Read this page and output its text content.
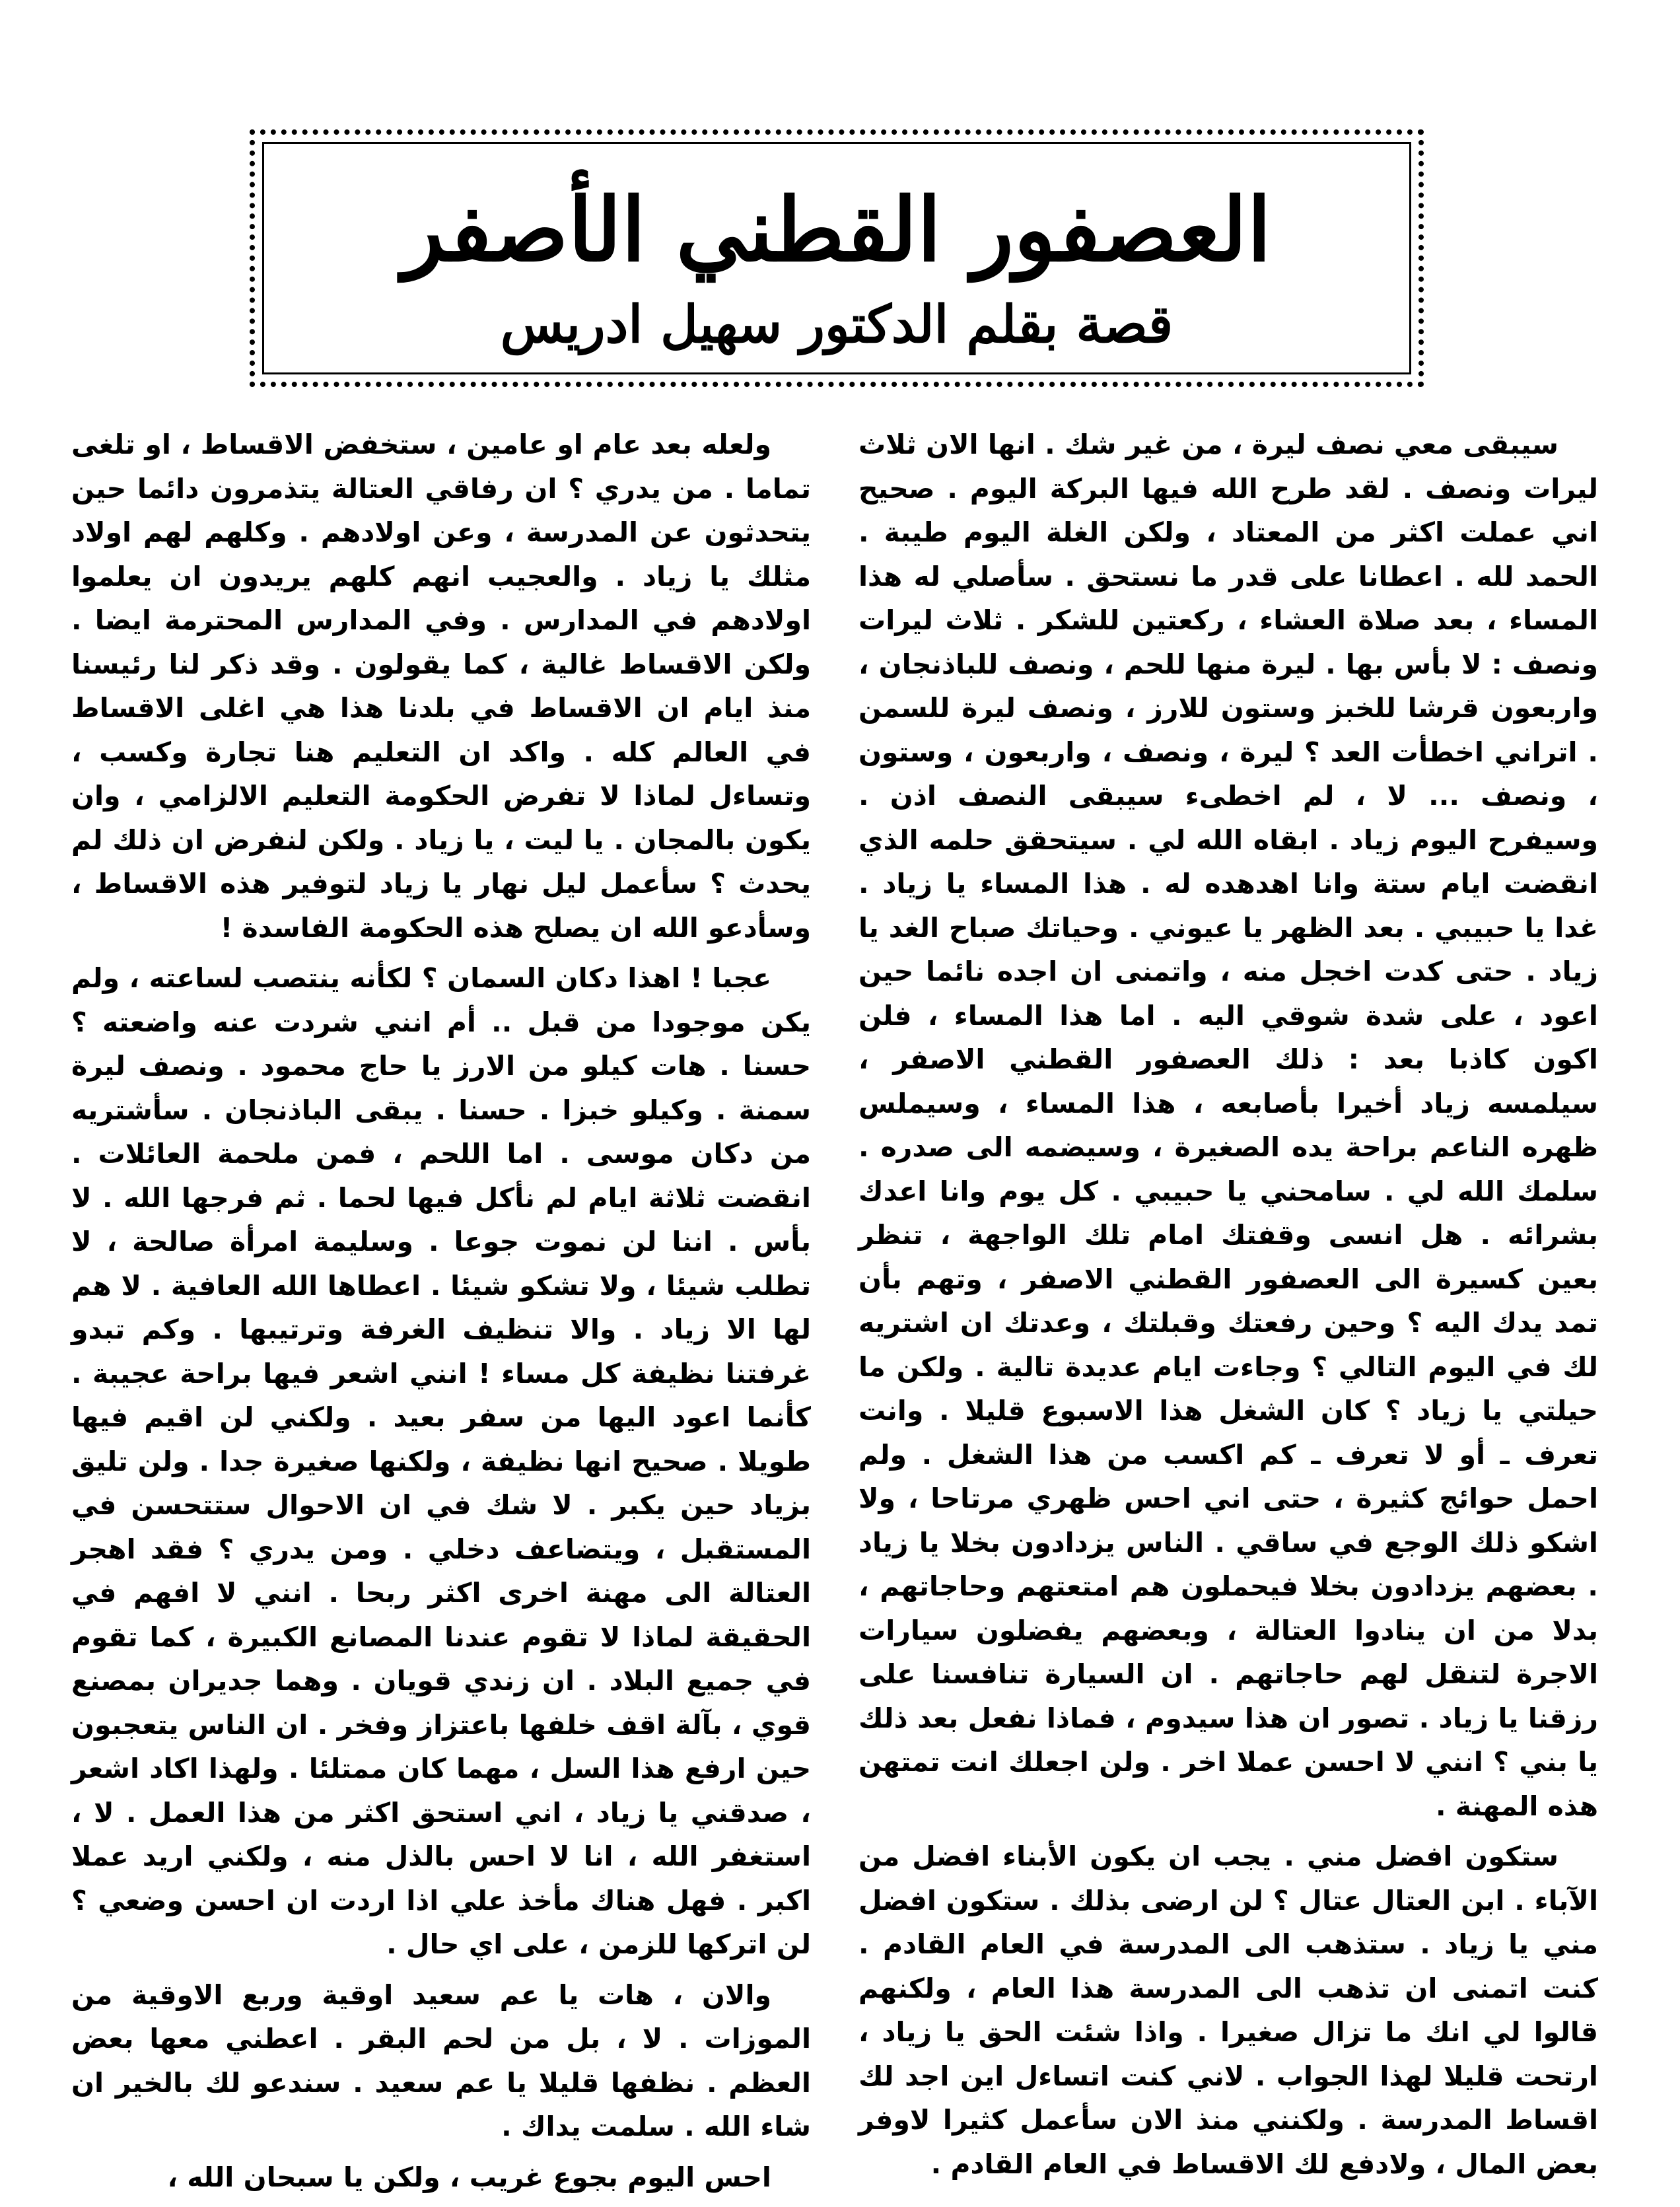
العصفور القطني الأصفر
قصة بقلم الدكتور سهيل ادريس

سيبقى معي نصف ليرة ، من غير شك . انها الان ثلاث ليرات ونصف . لقد طرح الله فيها البركة اليوم . صحيح اني عملت اكثر من المعتاد ، ولكن الغلة اليوم طيبة . الحمد لله . اعطانا على قدر ما نستحق . سأصلي له هذا المساء ، بعد صلاة العشاء ، ركعتين للشكر . ثلاث ليرات ونصف : لا بأس بها . ليرة منها للحم ، ونصف للباذنجان ، واربعون قرشا للخبز وستون للارز ، ونصف ليرة للسمن . اتراني اخطأت العد ؟ ليرة ، ونصف ، واربعون ، وستون ، ونصف ... لا ، لم اخطىء سيبقى النصف اذن . وسيفرح اليوم زياد . ابقاه الله لي . سيتحقق حلمه الذي انقضت ايام ستة وانا اهدهده له . هذا المساء يا زياد . غدا يا حبيبي . بعد الظهر يا عيوني . وحياتك صباح الغد يا زياد . حتى كدت اخجل منه ، واتمنى ان اجده نائما حين اعود ، على شدة شوقي اليه . اما هذا المساء ، فلن اكون كاذبا بعد : ذلك العصفور القطني الاصفر ، سيلمسه زياد أخيرا بأصابعه ، هذا المساء ، وسيملس ظهره الناعم براحة يده الصغيرة ، وسيضمه الى صدره . سلمك الله لي . سامحني يا حبيبي . كل يوم وانا اعدك بشرائه . هل انسى وقفتك امام تلك الواجهة ، تنظر بعين كسيرة الى العصفور القطني الاصفر ، وتهم بأن تمد يدك اليه ؟ وحين رفعتك وقبلتك ، وعدتك ان اشتريه لك في اليوم التالي ؟ وجاءت ايام عديدة تالية . ولكن ما حيلتي يا زياد ؟ كان الشغل هذا الاسبوع قليلا . وانت تعرف ـ أو لا تعرف ـ كم اكسب من هذا الشغل . ولم احمل حوائج كثيرة ، حتى اني احس ظهري مرتاحا ، ولا اشكو ذلك الوجع في ساقي . الناس يزدادون بخلا يا زياد . بعضهم يزدادون بخلا فيحملون هم امتعتهم وحاجاتهم ، بدلا من ان ينادوا العتالة ، وبعضهم يفضلون سيارات الاجرة لتنقل لهم حاجاتهم . ان السيارة تنافسنا على رزقنا يا زياد . تصور ان هذا سيدوم ، فماذا نفعل بعد ذلك يا بني ؟ انني لا احسن عملا اخر . ولن اجعلك انت تمتهن هذه المهنة .

ستكون افضل مني . يجب ان يكون الأبناء افضل من الآباء . ابن العتال عتال ؟ لن ارضى بذلك . ستكون افضل مني يا زياد . ستذهب الى المدرسة في العام القادم . كنت اتمنى ان تذهب الى المدرسة هذا العام ، ولكنهم قالوا لي انك ما تزال صغيرا . واذا شئت الحق يا زياد ، ارتحت قليلا لهذا الجواب . لاني كنت اتساءل اين اجد لك اقساط المدرسة . ولكنني منذ الان سأعمل كثيرا لاوفر بعض المال ، ولادفع لك الاقساط في العام القادم .

ولعله بعد عام او عامين ، ستخفض الاقساط ، او تلغى تماما . من يدري ؟ ان رفاقي العتالة يتذمرون دائما حين يتحدثون عن المدرسة ، وعن اولادهم . وكلهم لهم اولاد مثلك يا زياد . والعجيب انهم كلهم يريدون ان يعلموا اولادهم في المدارس . وفي المدارس المحترمة ايضا . ولكن الاقساط غالية ، كما يقولون . وقد ذكر لنا رئيسنا منذ ايام ان الاقساط في بلدنا هذا هي اغلى الاقساط في العالم كله . واكد ان التعليم هنا تجارة وكسب ، وتساءل لماذا لا تفرض الحكومة التعليم الالزامي ، وان يكون بالمجان . يا ليت ، يا زياد . ولكن لنفرض ان ذلك لم يحدث ؟ سأعمل ليل نهار يا زياد لتوفير هذه الاقساط ، وسأدعو الله ان يصلح هذه الحكومة الفاسدة !

عجبا ! اهذا دكان السمان ؟ لكأنه ينتصب لساعته ، ولم يكن موجودا من قبل .. أم انني شردت عنه واضعته ؟ حسنا . هات كيلو من الارز يا حاج محمود . ونصف ليرة سمنة . وكيلو خبزا . حسنا . يبقى الباذنجان . سأشتريه من دكان موسى . اما اللحم ، فمن ملحمة العائلات . انقضت ثلاثة ايام لم نأكل فيها لحما . ثم فرجها الله . لا بأس . اننا لن نموت جوعا . وسليمة امرأة صالحة ، لا تطلب شيئا ، ولا تشكو شيئا . اعطاها الله العافية . لا هم لها الا زياد . والا تنظيف الغرفة وترتيبها . وكم تبدو غرفتنا نظيفة كل مساء ! انني اشعر فيها براحة عجيبة . كأنما اعود اليها من سفر بعيد . ولكني لن اقيم فيها طويلا . صحيح انها نظيفة ، ولكنها صغيرة جدا . ولن تليق بزياد حين يكبر . لا شك في ان الاحوال ستتحسن في المستقبل ، ويتضاعف دخلي . ومن يدري ؟ فقد اهجر العتالة الى مهنة اخرى اكثر ربحا . انني لا افهم في الحقيقة لماذا لا تقوم عندنا المصانع الكبيرة ، كما تقوم في جميع البلاد . ان زندي قويان . وهما جديران بمصنع قوي ، بآلة اقف خلفها باعتزاز وفخر . ان الناس يتعجبون حين ارفع هذا السل ، مهما كان ممتلئا . ولهذا اكاد اشعر ، صدقني يا زياد ، اني استحق اكثر من هذا العمل . لا ، استغفر الله ، انا لا احس بالذل منه ، ولكني اريد عملا اكبر . فهل هناك مأخذ علي اذا اردت ان احسن وضعي ؟ لن اتركها للزمن ، على اي حال .

والان ، هات يا عم سعيد اوقية وربع الاوقية من الموزات . لا ، بل من لحم البقر . اعطني معها بعض العظم . نظفها قليلا يا عم سعيد . سندعو لك بالخير ان شاء الله . سلمت يداك .

احس اليوم بجوع غريب ، ولكن يا سبحان الله ،
